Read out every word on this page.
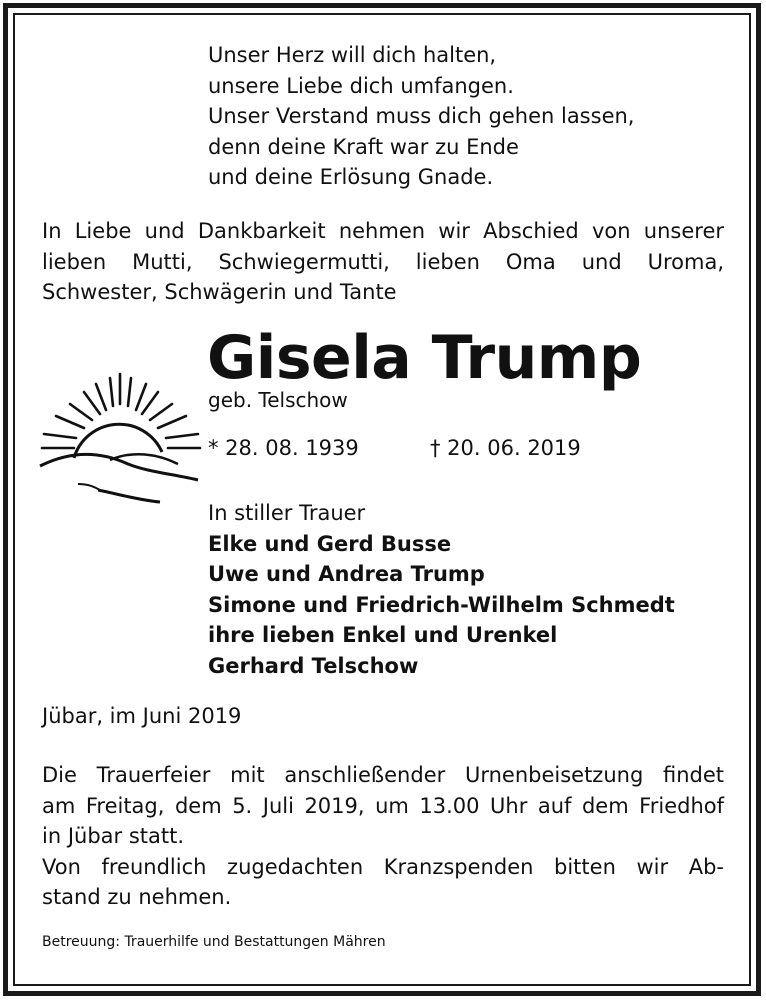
Unser Herz will dich halten,
unsere Liebe dich umfangen.
Unser Verstand muss dich gehen lassen,
denn deine Kraft war zu Ende
und deine Erlösung Gnade.
In Liebe und Dankbarkeit nehmen wir Abschied von unserer
lieben Mutti, Schwiegermutti, lieben Oma und Uroma,
Schwester, Schwägerin und Tante
Gisela Trump
geb. Telschow
* 28. 08. 1939	† 20. 06. 2019
In stiller Trauer
Elke und Gerd Busse
Uwe und Andrea Trump
Simone und Friedrich-Wilhelm Schmedt
ihre lieben Enkel und Urenkel
Gerhard Telschow
Jübar, im Juni 2019
Die Trauerfeier mit anschließender Urnenbeisetzung findet
am Freitag, dem 5. Juli 2019, um 13.00 Uhr auf dem Friedhof
in Jübar statt.
Von freundlich zugedachten Kranzspenden bitten wir Ab-
stand zu nehmen.
Betreuung: Trauerhilfe und Bestattungen Mähren
